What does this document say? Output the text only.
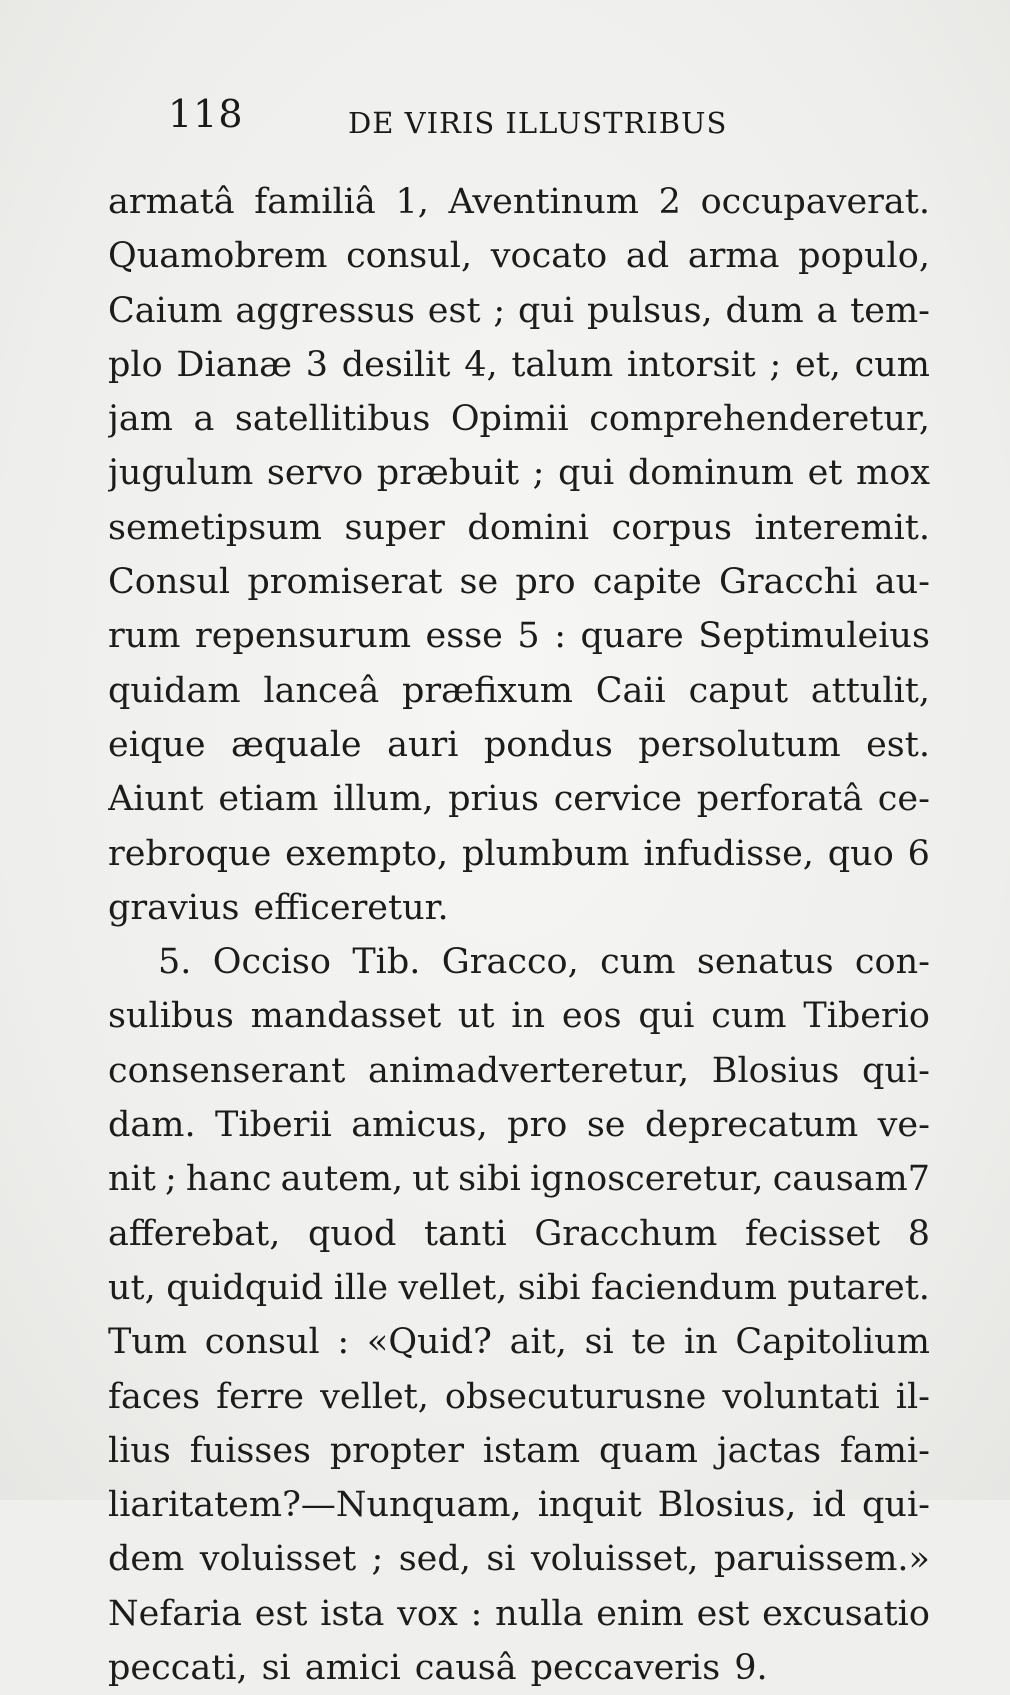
118	DE VIRIS ILLUSTRIBUS
armatâ familiâ 1, Aventinum 2 occupaverat.
Quamobrem consul, vocato ad arma populo,
Caium aggressus est ; qui pulsus, dum a tem-
plo Dianæ 3 desilit 4, talum intorsit ; et, cum
jam a satellitibus Opimii comprehenderetur,
jugulum servo præbuit ; qui dominum et mox
semetipsum super domini corpus interemit.
Consul promiserat se pro capite Gracchi au-
rum repensurum esse 5 : quare Septimuleius
quidam lanceâ præfixum Caii caput attulit,
eique æquale auri pondus persolutum est.
Aiunt etiam illum, prius cervice perforatâ ce-
rebroque exempto, plumbum infudisse, quo 6
gravius efficeretur.
5. Occiso Tib. Gracco, cum senatus con-
sulibus mandasset ut in eos qui cum Tiberio
consenserant animadverteretur, Blosius qui-
dam. Tiberii amicus, pro se deprecatum ve-
nit ; hanc autem, ut sibi ignosceretur, causam7
afferebat, quod tanti Gracchum fecisset 8
ut, quidquid ille vellet, sibi faciendum putaret.
Tum consul : «Quid? ait, si te in Capitolium
faces ferre vellet, obsecuturusne voluntati il-
lius fuisses propter istam quam jactas fami-
liaritatem?—Nunquam, inquit Blosius, id qui-
dem voluisset ; sed, si voluisset, paruissem.»
Nefaria est ista vox : nulla enim est excusatio
peccati, si amici causâ peccaveris 9.
